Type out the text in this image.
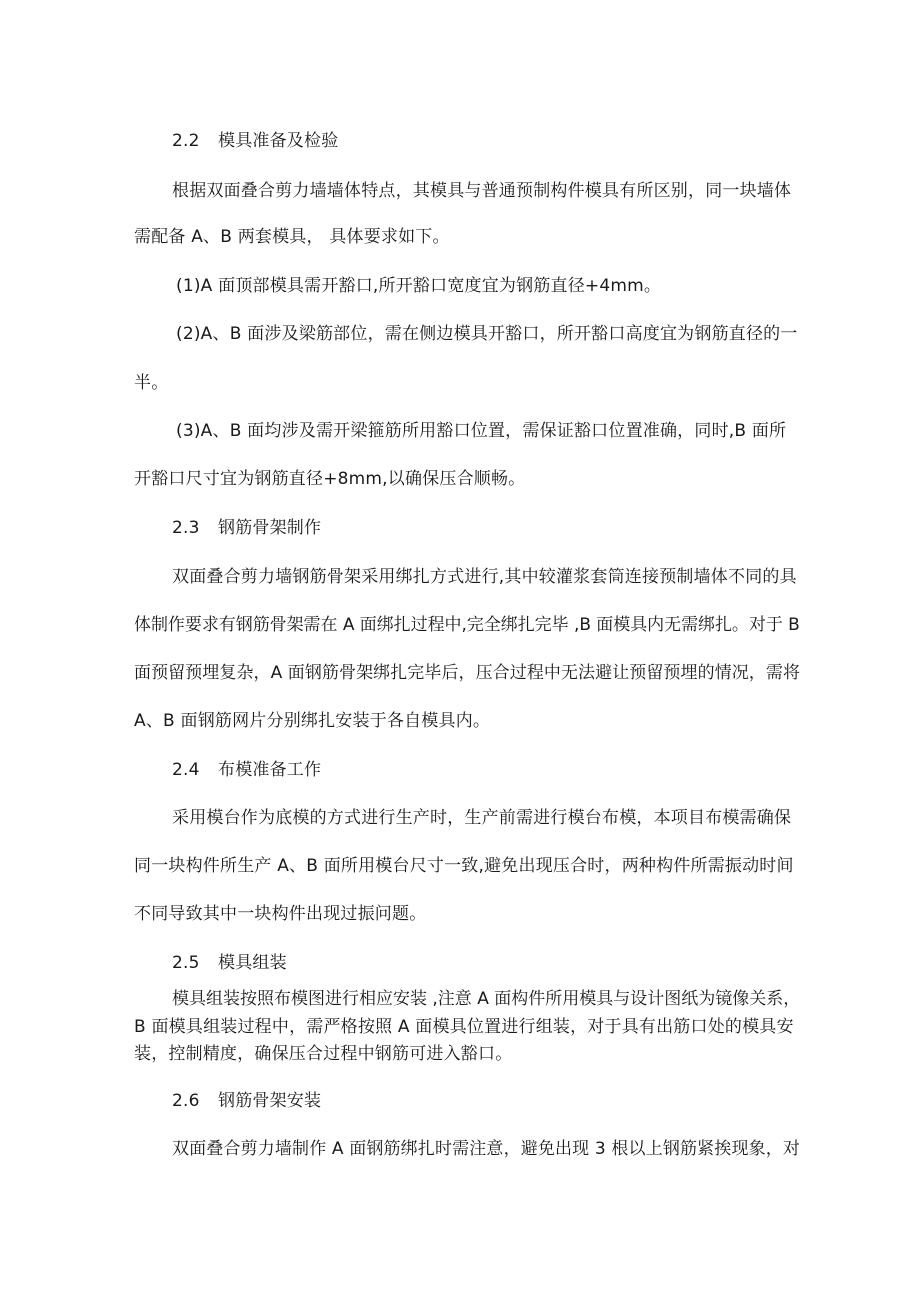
2.2 模具准备及检验
根据双面叠合剪力墙墙体特点，其模具与普通预制构件模具有所区别，同一块墙体
需配备 A、B 两套模具， 具体要求如下。
(1)A 面顶部模具需开豁口,所开豁口宽度宜为钢筋直径+4mm。
(2)A、B 面涉及梁筋部位，需在侧边模具开豁口，所开豁口高度宜为钢筋直径的一
半。
(3)A、B 面均涉及需开梁箍筋所用豁口位置，需保证豁口位置准确，同时,B 面所
开豁口尺寸宜为钢筋直径+8mm,以确保压合顺畅。
2.3 钢筋骨架制作
双面叠合剪力墙钢筋骨架采用绑扎方式进行,其中较灌浆套筒连接预制墙体不同的具
体制作要求有钢筋骨架需在 A 面绑扎过程中,完全绑扎完毕 ,B 面模具内无需绑扎。对于 B
面预留预埋复杂，A 面钢筋骨架绑扎完毕后，压合过程中无法避让预留预埋的情况，需将
A、B 面钢筋网片分别绑扎安装于各自模具内。
2.4 布模准备工作
采用模台作为底模的方式进行生产时，生产前需进行模台布模，本项目布模需确保
同一块构件所生产 A、B 面所用模台尺寸一致,避免出现压合时，两种构件所需振动时间
不同导致其中一块构件出现过振问题。
2.5 模具组装
模具组装按照布模图进行相应安装 ,注意 A 面构件所用模具与设计图纸为镜像关系，
B 面模具组装过程中，需严格按照 A 面模具位置进行组装，对于具有出筋口处的模具安
装，控制精度，确保压合过程中钢筋可进入豁口。
2.6 钢筋骨架安装
双面叠合剪力墙制作 A 面钢筋绑扎时需注意，避免出现 3 根以上钢筋紧挨现象，对
